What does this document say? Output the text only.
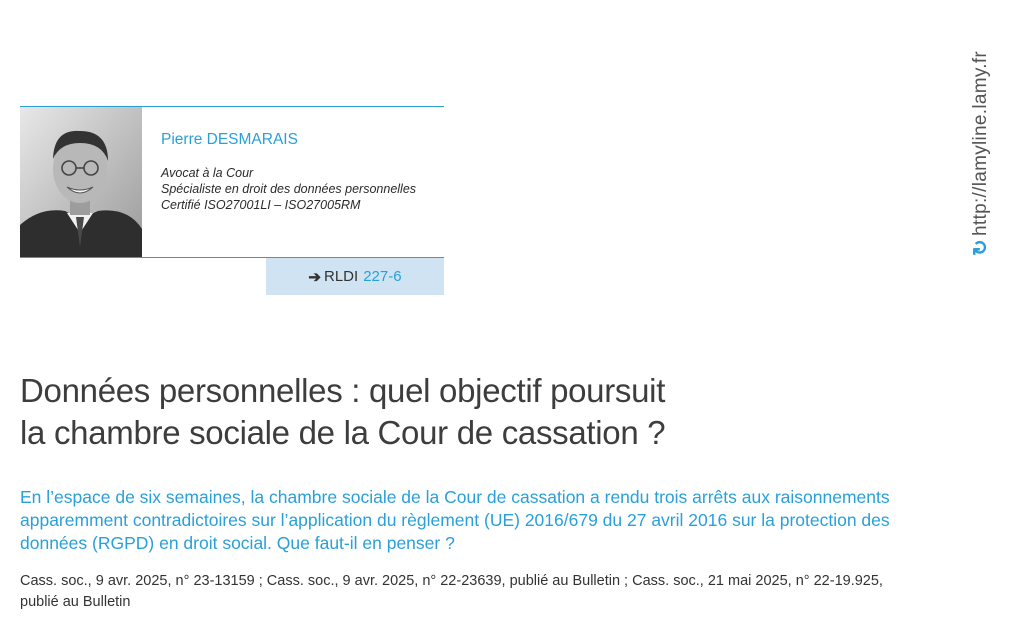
Pierre DESMARAIS
Avocat à la Cour
Spécialiste en droit des données personnelles
Certifié ISO27001LI – ISO27005RM
➔ RLDI 227-6
↻
http://lamyline.lamy.fr
Données personnelles : quel objectif poursuit
la chambre sociale de la Cour de cassation ?

En l’espace de six semaines, la chambre sociale de la Cour de cassation a rendu trois arrêts aux raisonnements apparemment contradictoires sur l’application du règlement (UE) 2016/679 du 27 avril 2016 sur la protection des données (RGPD) en droit social. Que faut-il en penser ?

Cass. soc., 9 avr. 2025, n° 23-13159 ; Cass. soc., 9 avr. 2025, n° 22-23639, publié au Bulletin ; Cass. soc., 21 mai 2025, n° 22-19.925, publié au Bulletin
